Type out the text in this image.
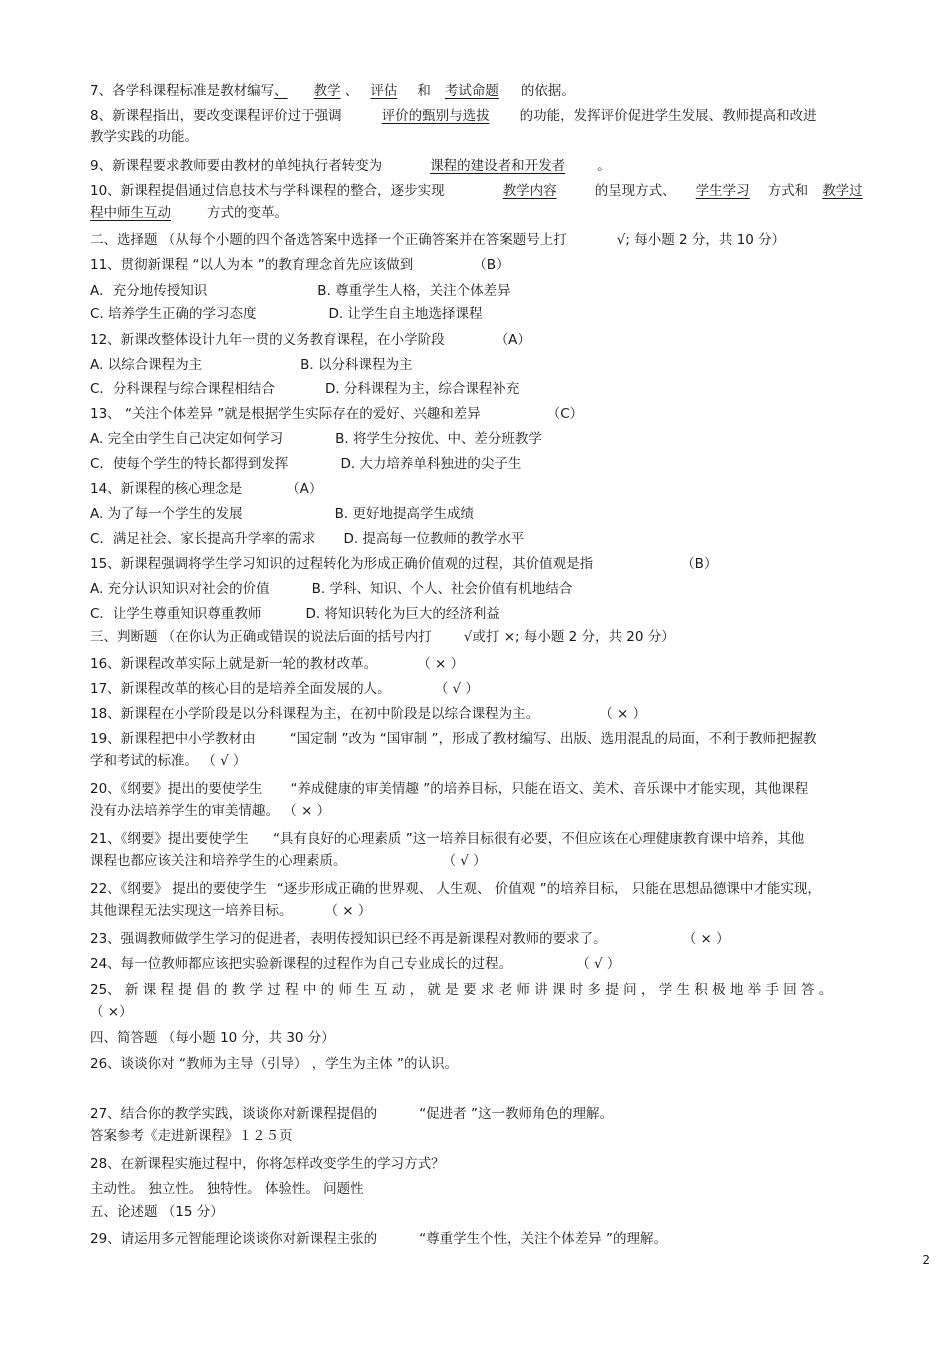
7、各学科课程标准是教材编写、 教学 、 评估 和 考试命题 的依据。
8、新课程指出，要改变课程评价过于强调	评价的甄别与选拔 的功能，发挥评价促进学生发展、教师提高和改进
教学实践的功能。
9、新课程要求教师要由教材的单纯执行者转变为	课程的建设者和开发者 。
10、新课程提倡通过信息技术与学科课程的整合，逐步实现	教学内容	的呈现方式、 学生学习 方式和 教学过
程中师生互动	方式的变革。
二、选择题 （从每个小题的四个备选答案中选择一个正确答案并在答案题号上打	√; 每小题 2 分，共 10 分）
11、贯彻新课程 “以人为本 ”的教育理念首先应该做到	（B）
A．充分地传授知识	B. 尊重学生人格，关注个体差异
C. 培养学生正确的学习态度	D. 让学生自主地选择课程
12、新课改整体设计九年一贯的义务教育课程，在小学阶段	（A）
A. 以综合课程为主	B. 以分科课程为主
C．分科课程与综合课程相结合	D. 分科课程为主，综合课程补充
13、 “关注个体差异 ”就是根据学生实际存在的爱好、兴趣和差异	（C）
A. 完全由学生自己决定如何学习	B. 将学生分按优、中、差分班教学
C．使每个学生的特长都得到发挥	D. 大力培养单科独进的尖子生
14、新课程的核心理念是	（A）
A. 为了每一个学生的发展	B. 更好地提高学生成绩
C．满足社会、家长提高升学率的需求 D. 提高每一位教师的教学水平
15、新课程强调将学生学习知识的过程转化为形成正确价值观的过程，其价值观是指	（B）
A. 充分认识知识对社会的价值	B. 学科、知识、个人、社会价值有机地结合
C．让学生尊重知识尊重教师	D. 将知识转化为巨大的经济利益
三、判断题 （在你认为正确或错误的说法后面的括号内打 √或打 ×; 每小题 2 分，共 20 分）
16、新课程改革实际上就是新一轮的教材改革。	（ × ）
17、新课程改革的核心目的是培养全面发展的人。	（ √ ）
18、新课程在小学阶段是以分科课程为主，在初中阶段是以综合课程为主。	（ × ）
19、新课程把中小学教材由	“国定制 ”改为 “国审制 ”，形成了教材编写、出版、选用混乱的局面，不利于教师把握教
学和考试的标准。 （ √ ）
20、《纲要》提出的要使学生 “养成健康的审美情趣 ”的培养目标，只能在语文、美术、音乐课中才能实现，其他课程
没有办法培养学生的审美情趣。 （ × ）
21、《纲要》提出要使学生 “具有良好的心理素质 ”这一培养目标很有必要，不但应该在心理健康教育课中培养，其他
课程也都应该关注和培养学生的心理素质。	（ √ ）
22、《纲要》 提出的要使学生 “逐步形成正确的世界观、 人生观、 价值观 ”的培养目标， 只能在思想品德课中才能实现，
其他课程无法实现这一培养目标。 （ × ）
23、强调教师做学生学习的促进者，表明传授知识已经不再是新课程对教师的要求了。	（ × ）
24、每一位教师都应该把实验新课程的过程作为自己专业成长的过程。	（ √ ）
25、 新 课 程 提 倡 的 教 学 过 程 中 的 师 生 互 动 ， 就 是 要 求 老 师 讲 课 时 多 提 问 ， 学 生 积 极 地 举 手 回 答 。
（ ×）
四、简答题 （每小题 10 分，共 30 分）
26、谈谈你对 “教师为主导（引导） ，学生为主体 ”的认识。
27、结合你的教学实践，谈谈你对新课程提倡的	“促进者 ”这一教师角色的理解。
答案参考《走进新课程》１２５页
28、在新课程实施过程中，你将怎样改变学生的学习方式？
主动性。 独立性。 独特性。 体验性。 问题性
五、论述题 （15 分）
29、请运用多元智能理论谈谈你对新课程主张的	“尊重学生个性，关注个体差异 ”的理解。
2
